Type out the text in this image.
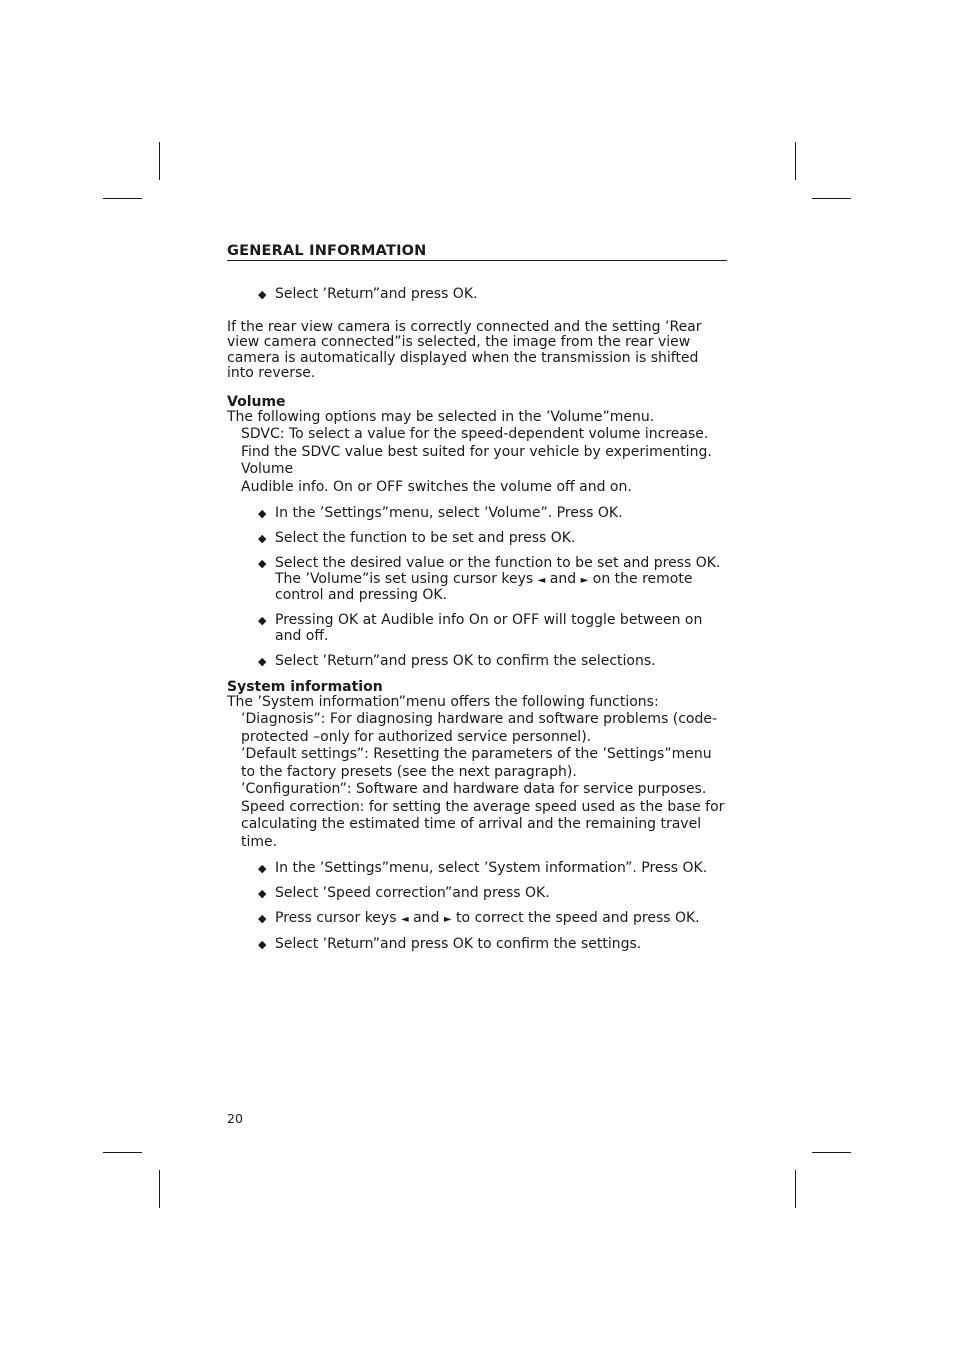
GENERAL INFORMATION
◆ Select ’Return”and press OK.

If the rear view camera is correctly connected and the setting ’Rear view camera connected”is selected, the image from the rear view camera is automatically displayed when the transmission is shifted into reverse.

Volume

The following options may be selected in the ’Volume”menu.

SDVC: To select a value for the speed-dependent volume increase. Find the SDVC value best suited for your vehicle by experimenting.

Volume

Audible info. On or OFF switches the volume off and on.

◆ In the ’Settings”menu, select ’Volume”. Press OK.
◆ Select the function to be set and press OK.
◆ Select the desired value or the function to be set and press OK. The ’Volume”is set using cursor keys ◄ and ► on the remote control and pressing OK.
◆ Pressing OK at Audible info On or OFF will toggle between on and off.
◆ Select ’Return”and press OK to confirm the selections.

System information

The ’System information”menu offers the following functions:

’Diagnosis”: For diagnosing hardware and software problems (code-protected –only for authorized service personnel).

’Default settings”: Resetting the parameters of the ’Settings”menu to the factory presets (see the next paragraph).

’Configuration”: Software and hardware data for service purposes.

Speed correction: for setting the average speed used as the base for calculating the estimated time of arrival and the remaining travel time.

◆ In the ’Settings”menu, select ’System information”. Press OK.
◆ Select ’Speed correction”and press OK.
◆ Press cursor keys ◄ and ► to correct the speed and press OK.
◆ Select ’Return”and press OK to confirm the settings.
20
